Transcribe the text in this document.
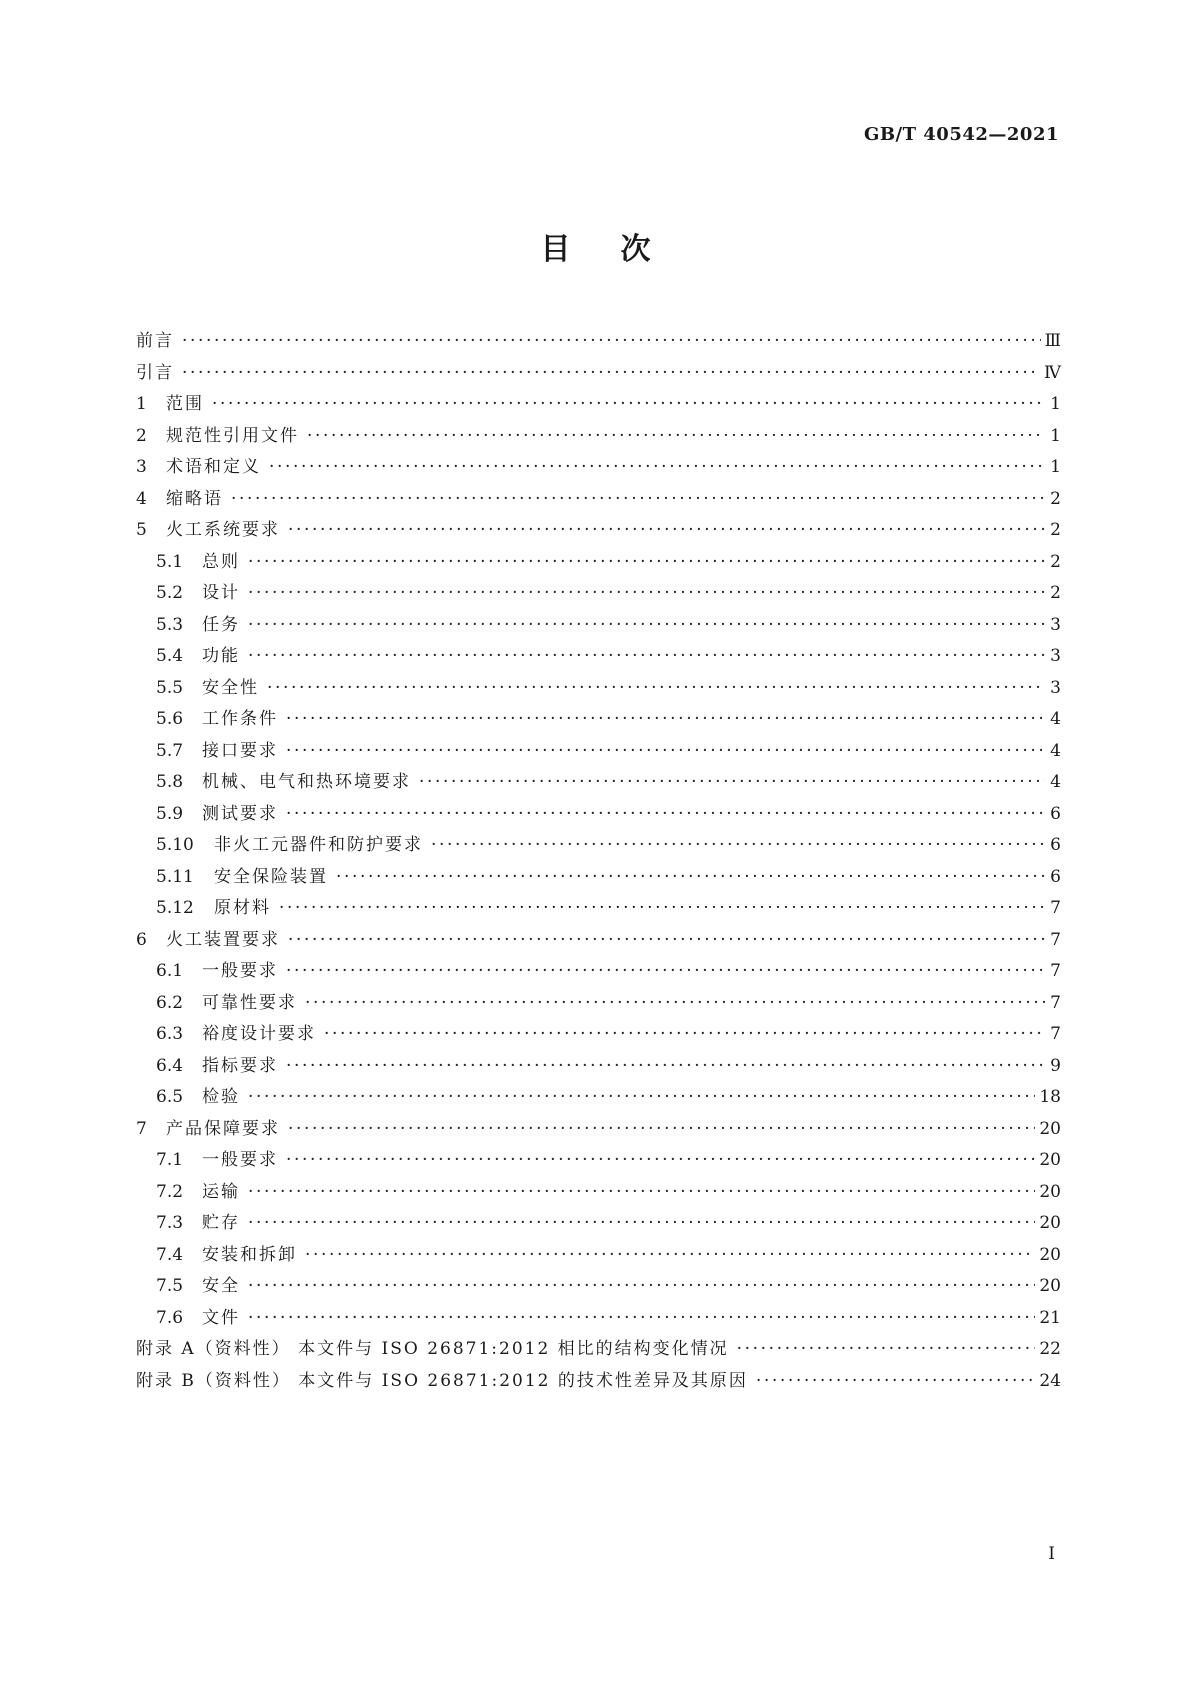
GB/T 40542—2021
目次
前言 ·····	Ⅲ
引言 ·····	Ⅳ
1	范围 ·····	1
2	规范性引用文件 ·····	1
3	术语和定义 ·····	1
4	缩略语 ·····	2
5	火工系统要求 ·····	2
5.1	总则 ·····	2
5.2	设计 ·····	2
5.3	任务 ·····	3
5.4	功能 ·····	3
5.5	安全性 ·····	3
5.6	工作条件 ·····	4
5.7	接口要求 ·····	4
5.8	机械、电气和热环境要求 ·····	4
5.9	测试要求 ·····	6
5.10	非火工元器件和防护要求 ·····	6
5.11	安全保险装置 ·····	6
5.12	原材料 ·····	7
6	火工装置要求 ·····	7
6.1	一般要求 ·····	7
6.2	可靠性要求 ·····	7
6.3	裕度设计要求 ·····	7
6.4	指标要求 ·····	9
6.5	检验 ·····	18
7	产品保障要求 ·····	20
7.1	一般要求 ·····	20
7.2	运输 ·····	20
7.3	贮存 ·····	20
7.4	安装和拆卸 ·····	20
7.5	安全 ·····	20
7.6	文件 ·····	21
附录 A（资料性） 本文件与 ISO 26871:2012 相比的结构变化情况 ·····	22
附录 B（资料性） 本文件与 ISO 26871:2012 的技术性差异及其原因 ·····	24
I
